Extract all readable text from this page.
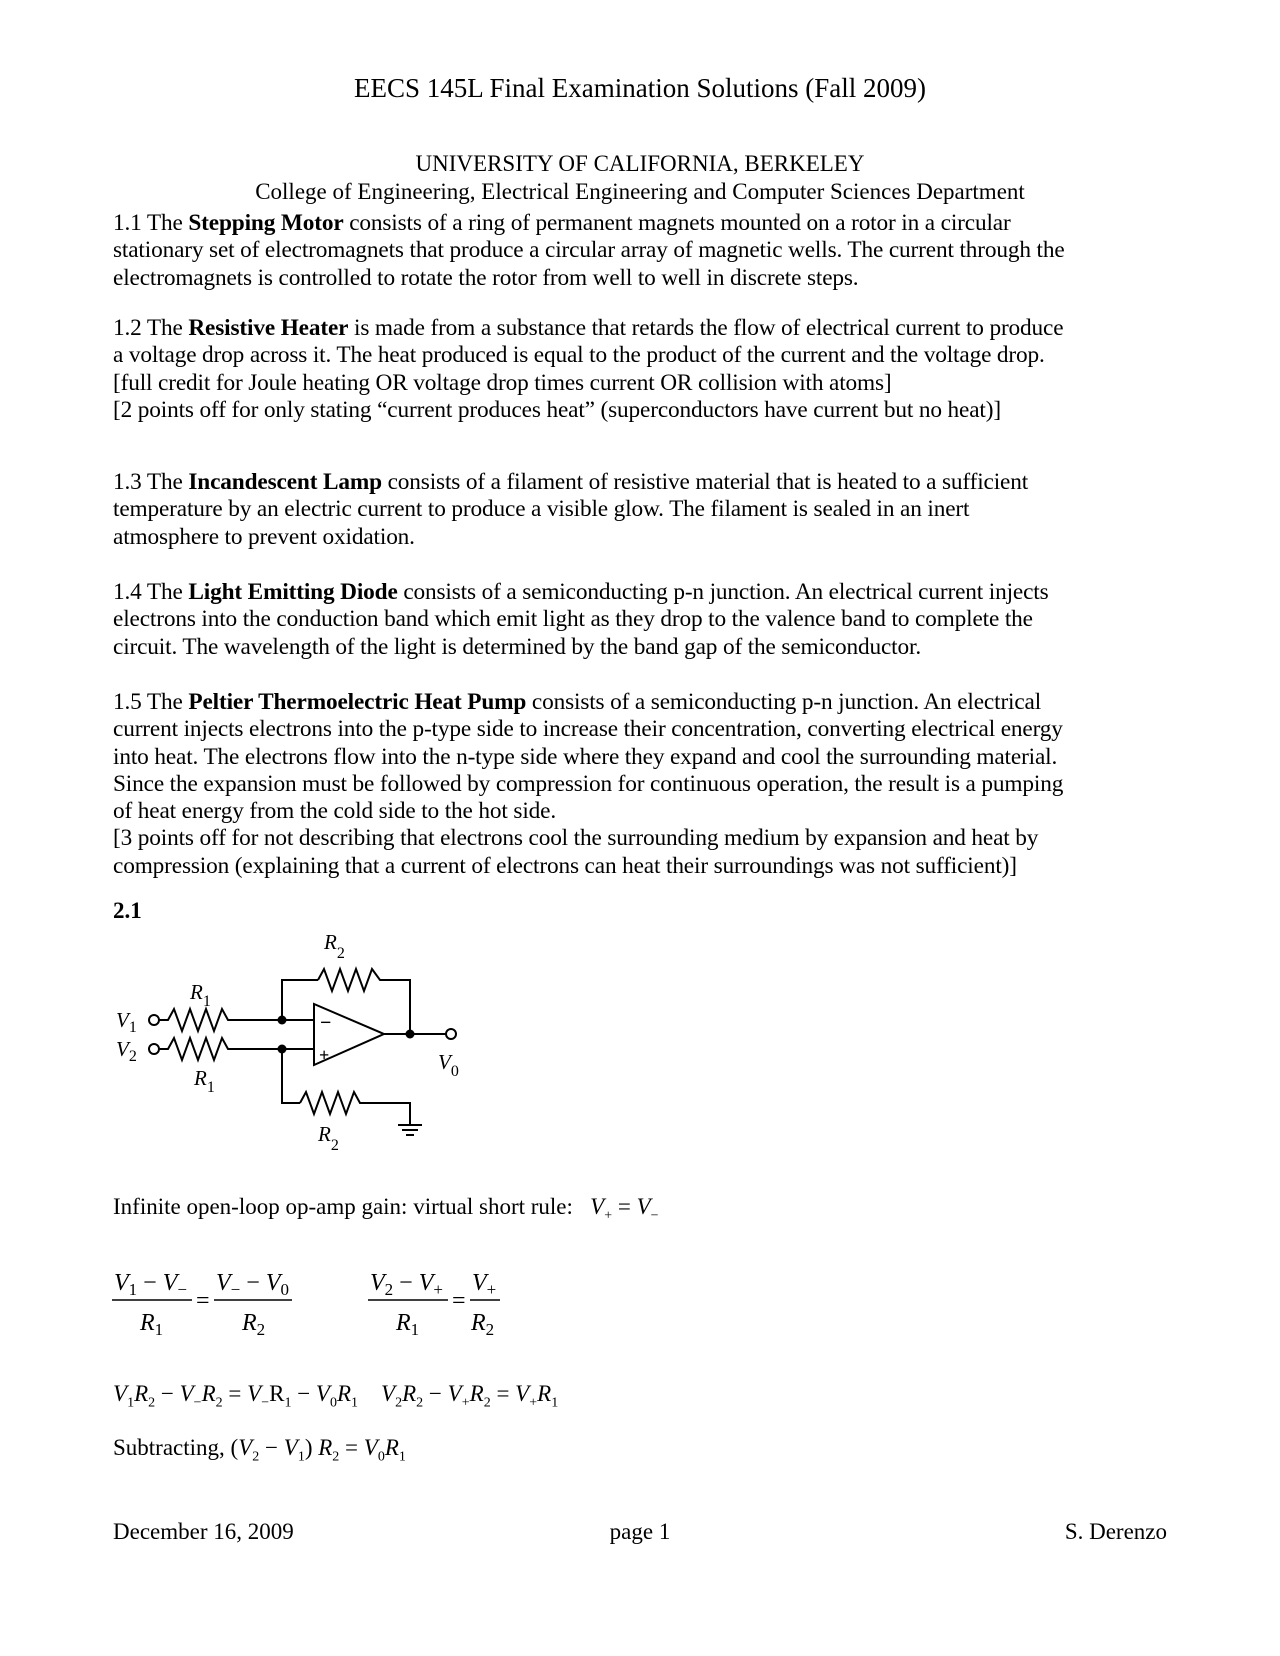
EECS 145L Final Examination Solutions (Fall 2009)
UNIVERSITY OF CALIFORNIA, BERKELEY
College of Engineering, Electrical Engineering and Computer Sciences Department

1.1 The Stepping Motor consists of a ring of permanent magnets mounted on a rotor in a circular

stationary set of electromagnets that produce a circular array of magnetic wells. The current through the

electromagnets is controlled to rotate the rotor from well to well in discrete steps.

1.2 The Resistive Heater is made from a substance that retards the flow of electrical current to produce

a voltage drop across it. The heat produced is equal to the product of the current and the voltage drop.

[full credit for Joule heating OR voltage drop times current OR collision with atoms]

[2 points off for only stating “current produces heat” (superconductors have current but no heat)]

1.3 The Incandescent Lamp consists of a filament of resistive material that is heated to a sufficient

temperature by an electric current to produce a visible glow. The filament is sealed in an inert

atmosphere to prevent oxidation.

1.4 The Light Emitting Diode consists of a semiconducting p-n junction. An electrical current injects

electrons into the conduction band which emit light as they drop to the valence band to complete the

circuit. The wavelength of the light is determined by the band gap of the semiconductor.

1.5 The Peltier Thermoelectric Heat Pump consists of a semiconducting p-n junction. An electrical

current injects electrons into the p-type side to increase their concentration, converting electrical energy

into heat. The electrons flow into the n-type side where they expand and cool the surrounding material.

Since the expansion must be followed by compression for continuous operation, the result is a pumping

of heat energy from the cold side to the hot side.

[3 points off for not describing that electrons cool the surrounding medium by expansion and heat by

compression (explaining that a current of electrons can heat their surroundings was not sufficient)]

2.1
−
+
$V_1$
$V_2$
$R_1$
$R_1$
$R_2$
$R_2$
$V_0$
Infinite open-loop op-amp gain: virtual short rule: $V_+ = V_-$
$V_1 - V_-$
$R_1$
=
$V_- - V_0$
$R_2$
$V_2 - V_+$
$R_1$
=
$V_+$
$R_2$
$V_1R_2 - V_-R_2 = V_-R_1 - V_0R_1$ $V_2R_2 - V_+R_2 = V_+R_1$
Subtracting, $(V_2 - V_1) R_2 = V_0R_1$
December 16, 2009	page 1	S. Derenzo
